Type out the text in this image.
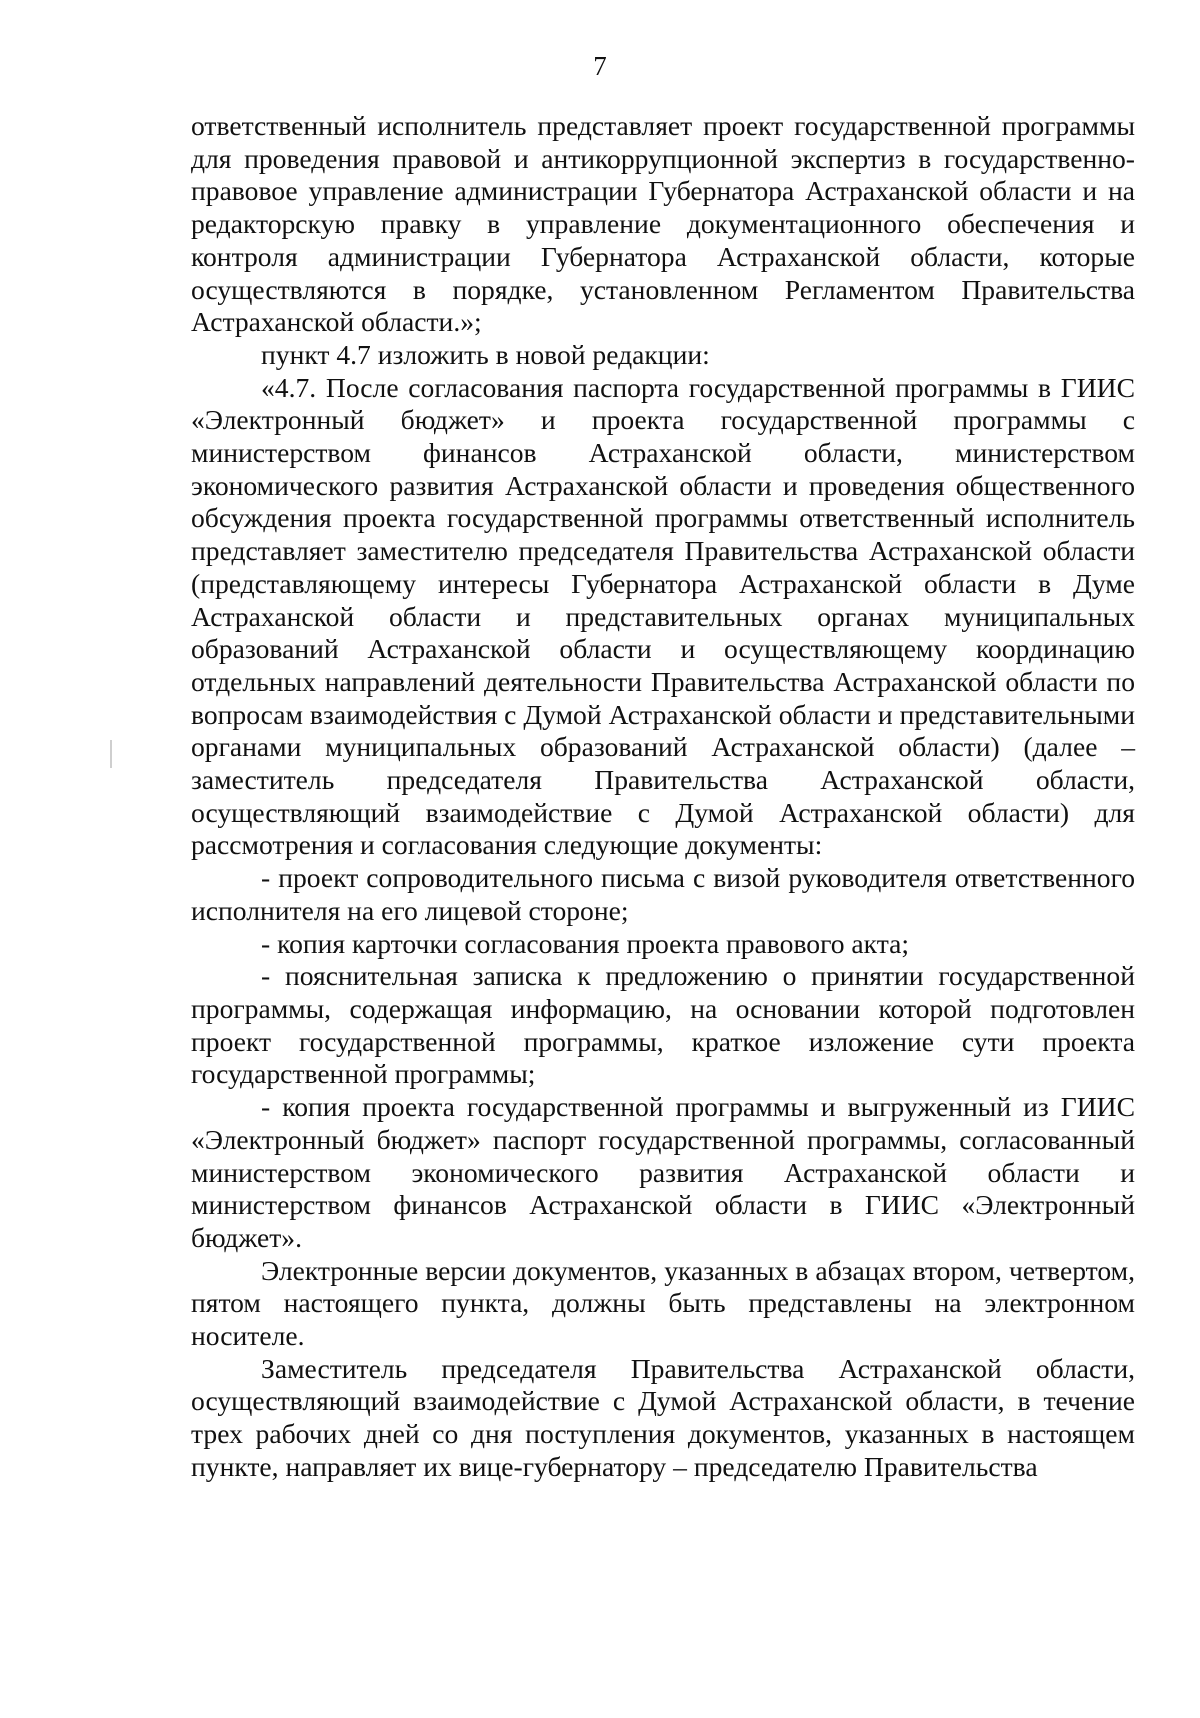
7

ответственный исполнитель представляет проект государственной программы для проведения правовой и антикоррупционной экспертиз в государственно-правовое управление администрации Губернатора Астраханской области и на редакторскую правку в управление документационного обеспечения и контроля администрации Губернатора Астраханской области, которые осуществляются в порядке, установленном Регламентом Правительства Астраханской области.»;

пункт 4.7 изложить в новой редакции:

«4.7. После согласования паспорта государственной программы в ГИИС «Электронный бюджет» и проекта государственной программы с министерством финансов Астраханской области, министерством экономического развития Астраханской области и проведения общественного обсуждения проекта государственной программы ответственный исполнитель представляет заместителю председателя Правительства Астраханской области (представляющему интересы Губернатора Астраханской области в Думе Астраханской области и представительных органах муниципальных образований Астраханской области и осуществляющему координацию отдельных направлений деятельности Правительства Астраханской области по вопросам взаимодействия с Думой Астраханской области и представительными органами муниципальных образований Астраханской области) (далее – заместитель председателя Правительства Астраханской области, осуществляющий взаимодействие с Думой Астраханской области) для рассмотрения и согласования следующие документы:

- проект сопроводительного письма с визой руководителя ответственного исполнителя на его лицевой стороне;

- копия карточки согласования проекта правового акта;

- пояснительная записка к предложению о принятии государственной программы, содержащая информацию, на основании которой подготовлен проект государственной программы, краткое изложение сути проекта государственной программы;

- копия проекта государственной программы и выгруженный из ГИИС «Электронный бюджет» паспорт государственной программы, согласованный министерством экономического развития Астраханской области и министерством финансов Астраханской области в ГИИС «Электронный бюджет».

Электронные версии документов, указанных в абзацах втором, четвертом, пятом настоящего пункта, должны быть представлены на электронном носителе.

Заместитель председателя Правительства Астраханской области, осуществляющий взаимодействие с Думой Астраханской области, в течение трех рабочих дней со дня поступления документов, указанных в настоящем пункте, направляет их вице-губернатору – председателю Правительства
